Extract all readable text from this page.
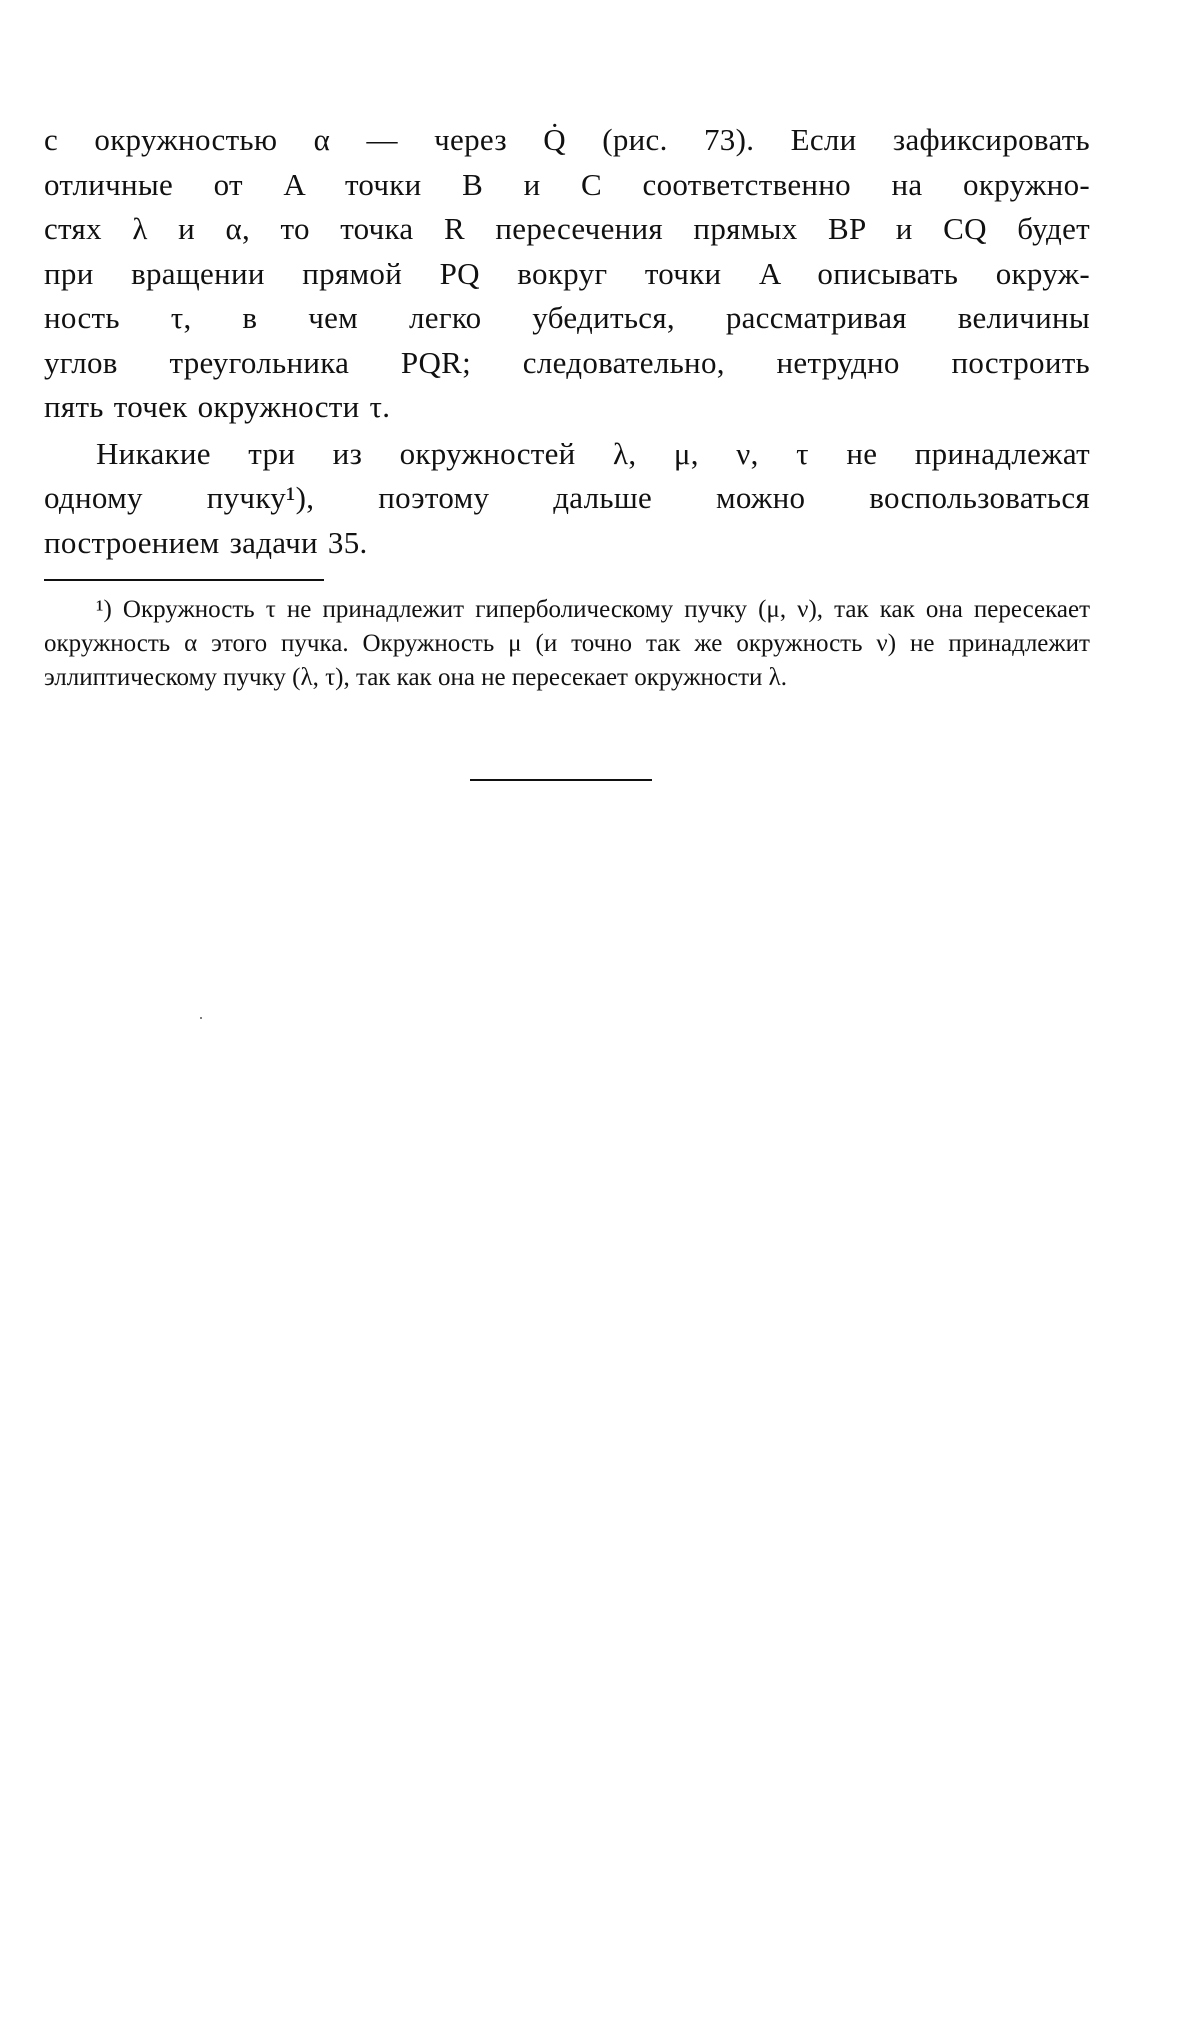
с окружностью α — через Q̇ (рис. 73). Если зафиксировать
отличные от A точки B и C соответственно на окружно-
стях λ и α, то точка R пересечения прямых BP и CQ будет
при вращении прямой PQ вокруг точки A описывать окруж-
ность τ, в чем легко убедиться, рассматривая величины
углов треугольника PQR; следовательно, нетрудно построить
пять точек окружности τ.

Никакие три из окружностей λ, μ, ν, τ не принадлежат
одному пучку¹), поэтому дальше можно воспользоваться
построением задачи 35.

¹) Окружность τ не принадлежит гиперболическому пучку (μ, ν), так как она пересекает окружность α этого пучка. Окружность μ (и точно так же окружность ν) не принадлежит эллиптическому пучку (λ, τ), так как она не пересекает окружности λ.
